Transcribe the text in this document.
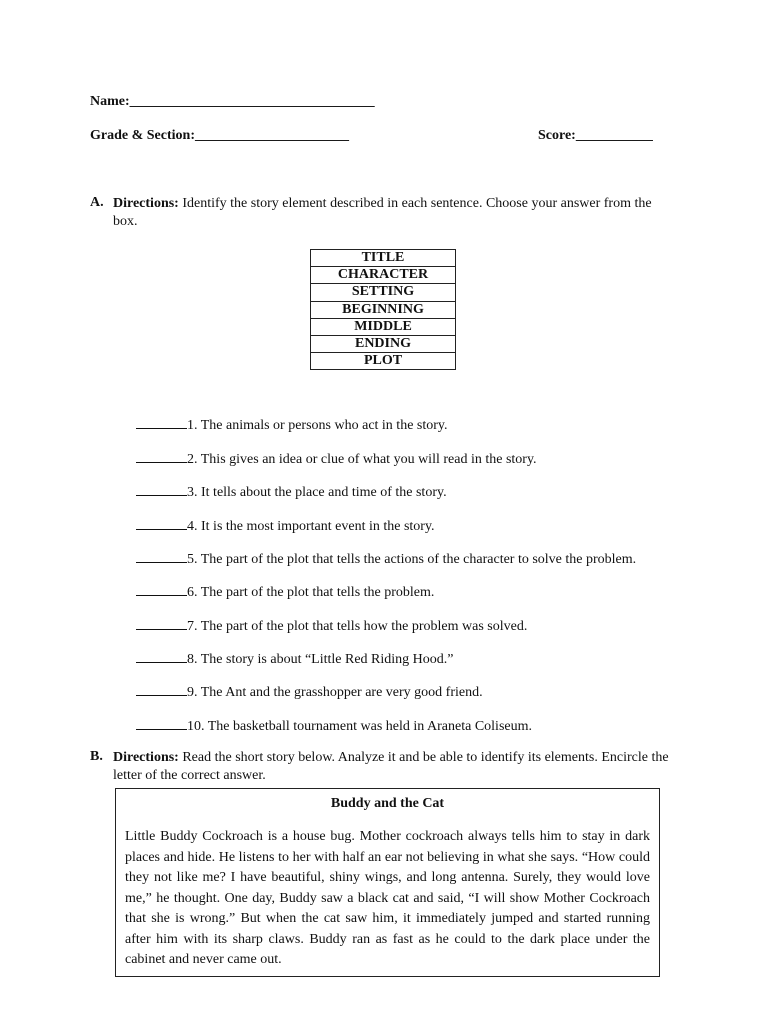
Name:___________________________________
Grade & Section:______________________	Score:___________
A. Directions: Identify the story element described in each sentence. Choose your answer from the box.
TITLE
CHARACTER
SETTING
BEGINNING
MIDDLE
ENDING
PLOT
1. The animals or persons who act in the story.
2. This gives an idea or clue of what you will read in the story.
3. It tells about the place and time of the story.
4. It is the most important event in the story.
5. The part of the plot that tells the actions of the character to solve the problem.
6. The part of the plot that tells the problem.
7. The part of the plot that tells how the problem was solved.
8. The story is about “Little Red Riding Hood.”
9. The Ant and the grasshopper are very good friend.
10. The basketball tournament was held in Araneta Coliseum.
B. Directions: Read the short story below. Analyze it and be able to identify its elements. Encircle the letter of the correct answer.
Buddy and the Cat
Little Buddy Cockroach is a house bug. Mother cockroach always tells him to stay in dark places and hide. He listens to her with half an ear not believing in what she says. “How could they not like me? I have beautiful, shiny wings, and long antenna. Surely, they would love me,” he thought. One day, Buddy saw a black cat and said, “I will show Mother Cockroach that she is wrong.” But when the cat saw him, it immediately jumped and started running after him with its sharp claws. Buddy ran as fast as he could to the dark place under the cabinet and never came out.
